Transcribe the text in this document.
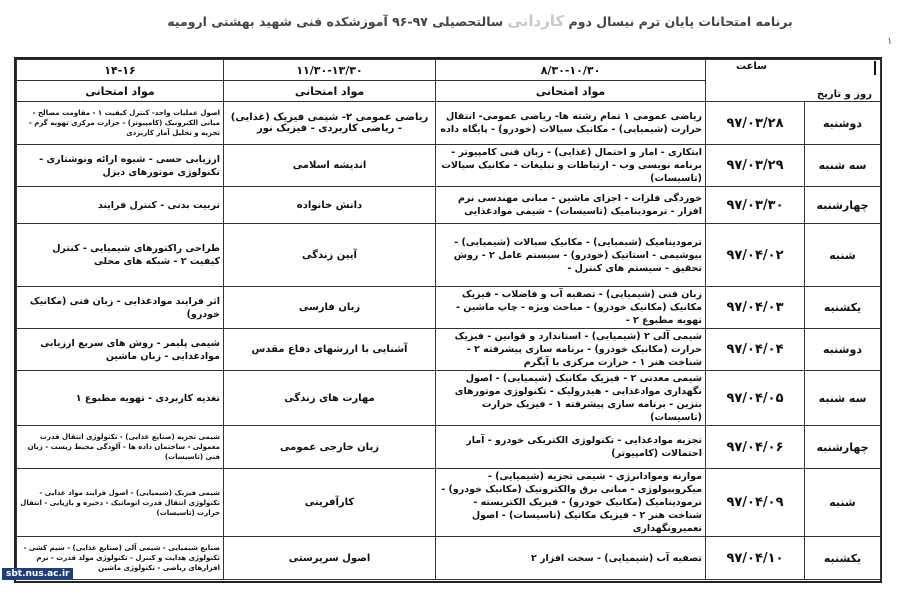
برنامه امتحانات پایان ترم نیسال دوم کاردانی سالتحصیلی ۹۷-۹۶ آموزشکده فنی شهید بهشتی ارومیه
۱
ساعت
روز و تاریخ		۸/۳۰-۱۰/۳۰	۱۱/۳۰-۱۳/۳۰	۱۴-۱۶
		مواد امتحانی	مواد امتحانی	مواد امتحانی
دوشنبه	۹۷/۰۳/۲۸	ریاضی عمومی ۱ تمام رشته ها- ریاضی عمومی- انتقال حرارت (شیمیایی) - مکانیک سیالات (خودرو) - پایگاه داده	ریاضی عمومی ۲- شیمی فیزیک (غذایی) - ریاضی کاربردی - فیزیک نور	اصول عملیات واحد- کنترل کیفیت ۱ - مقاومت مصالح - مبانی الکترونیک (کامپیوتر) - حرارت مرکزی تهویه گرم - تجزیه و تحلیل آمار کاربردی
سه شنبه	۹۷/۰۳/۲۹	ابتکاری - امار و احتمال (غذایی) - زبان فنی کامپیوتر - برنامه نویسی وب - ارتباطات و تبلیغات - مکانیک سیالات (تاسیسات)	اندیشه اسلامی	ارزیابی حسی - شیوه ارائه ونوشتاری - تکنولوژی موتورهای دیزل
چهارشنبه	۹۷/۰۳/۳۰	خوردگی فلزات - اجزای ماشین - مبانی مهندسی نرم افزار - ترمودینامیک (تاسیسات) - شیمی موادغذایی	دانش خانواده	تربیت بدنی - کنترل فرایند
شنبه	۹۷/۰۴/۰۲	ترمودینامیک (شیمیایی) - مکانیک سیالات (شیمیایی) - بیوشیمی - استاتیک (خودرو) - سیستم عامل ۲ - روش تحقیق - سیستم های کنترل -	آیین زندگی	طراحی راکتورهای شیمیایی - کنترل کیفیت ۲ - شبکه های محلی
یکشنبه	۹۷/۰۴/۰۳	زبان فنی (شیمیایی) - تصفیه آب و فاضلاب - فیزیک مکانیک (مکانیک خودرو) - مباحث ویژه - چاپ ماشین - تهویه مطبوع ۲ -	زبان فارسی	اثر فرایند موادغذایی - زبان فنی (مکانیک خودرو)
دوشنبه	۹۷/۰۴/۰۴	شیمی آلی ۲ (شیمیایی) - استاندارد و قوانین - فیزیک حرارت (مکانیک خودرو) - برنامه سازی پیشرفته ۲ - شناخت هنر ۱ - حرارت مرکزی با آبگرم	آشنایی با ارزشهای دفاع مقدس	شیمی پلیمر - روش های سریع ارزیابی موادغذایی - زبان ماشین
سه شنبه	۹۷/۰۴/۰۵	شیمی معدنی ۲ - فیزیک مکانیک (شیمیایی) - اصول نگهداری موادغذایی - هیدرولیک - تکنولوژی موتورهای بنزین - برنامه سازی پیشرفته ۱ - فیزیک حرارت (تاسیسات)	مهارت های زندگی	تغذیه کاربردی - تهویه مطبوع ۱
چهارشنبه	۹۷/۰۴/۰۶	تجزیه موادغذایی - تکنولوژی الکتریکی خودرو - آمار احتمالات (کامپیوتر)	زبان خارجی عمومی	شیمی تجزیه (صنایع غذایی) - تکنولوژی انتقال قدرت معمولی - ساختمان داده ها - آلودگی محیط زیست - زبان فنی (تاسیسات)
شنبه	۹۷/۰۴/۰۹	موازنه وموادانرژی - شیمی تجزیه (شیمیایی) - میکروبیولوژی - مبانی برق والکترونیک (مکانیک خودرو) - ترمودینامیک (مکانیک خودرو) - فیزیک الکتریسته - شناخت هنر ۲ - فیزیک مکانیک (تاسیسات) - اصول تعمیرونگهداری	کارآفرینی	شیمی فیزیک (شیمیایی) - اصول فرایند مواد غذایی - تکنولوژی انتقال قدرت اتوماتیک - ذخیره و بازیابی - انتقال حرارت (تاسیسات)
یکشنبه	۹۷/۰۴/۱۰	تصفیه آب (شیمیایی) - سخت افزار ۲	اصول سرپرستی	صنایع شیمیایی - شیمی آلی (صنایع غذایی) - سیم کشی - تکنولوژی هدایت و کنترل - تکنولوژی مولد قدرت - نرم افزارهای ریاضی - تکنولوژی ماشین
sbt.nus.ac.ir
